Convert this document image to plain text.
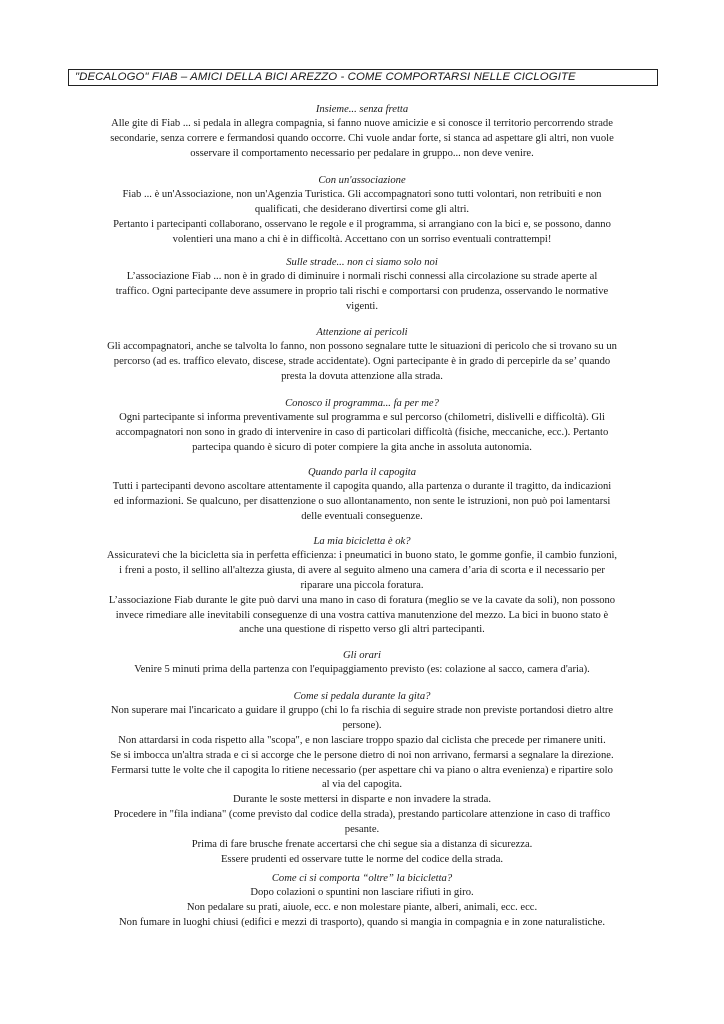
"DECALOGO" FIAB – AMICI DELLA BICI AREZZO - COME COMPORTARSI NELLE CICLOGITE
Insieme... senza fretta
Alle gite di Fiab ... si pedala in allegra compagnia, si fanno nuove amicizie e si conosce il territorio percorrendo strade
secondarie, senza correre e fermandosi quando occorre. Chi vuole andar forte, si stanca ad aspettare gli altri, non vuole
osservare il comportamento necessario per pedalare in gruppo... non deve venire.
Con un'associazione
Fiab ... è un'Associazione, non un'Agenzia Turistica. Gli accompagnatori sono tutti volontari, non retribuiti e non
qualificati, che desiderano divertirsi come gli altri.
Pertanto i partecipanti collaborano, osservano le regole e il programma, si arrangiano con la bici e, se possono, danno
volentieri una mano a chi è in difficoltà. Accettano con un sorriso eventuali contrattempi!
Sulle strade... non ci siamo solo noi
L’associazione Fiab ... non è in grado di diminuire i normali rischi connessi alla circolazione su strade aperte al
traffico. Ogni partecipante deve assumere in proprio tali rischi e comportarsi con prudenza, osservando le normative
vigenti.
Attenzione ai pericoli
Gli accompagnatori, anche se talvolta lo fanno, non possono segnalare tutte le situazioni di pericolo che si trovano su un
percorso (ad es. traffico elevato, discese, strade accidentate). Ogni partecipante è in grado di percepirle da se’ quando
presta la dovuta attenzione alla strada.
Conosco il programma... fa per me?
Ogni partecipante si informa preventivamente sul programma e sul percorso (chilometri, dislivelli e difficoltà). Gli
accompagnatori non sono in grado di intervenire in caso di particolari difficoltà (fisiche, meccaniche, ecc.). Pertanto
partecipa quando è sicuro di poter compiere la gita anche in assoluta autonomia.
Quando parla il capogita
Tutti i partecipanti devono ascoltare attentamente il capogita quando, alla partenza o durante il tragitto, da indicazioni
ed informazioni. Se qualcuno, per disattenzione o suo allontanamento, non sente le istruzioni, non può poi lamentarsi
delle eventuali conseguenze.
La mia bicicletta è ok?
Assicuratevi che la bicicletta sia in perfetta efficienza: i pneumatici in buono stato, le gomme gonfie, il cambio funzioni,
i freni a posto, il sellino all'altezza giusta, di avere al seguito almeno una camera d’aria di scorta e il necessario per
riparare una piccola foratura.
L’associazione Fiab durante le gite può darvi una mano in caso di foratura (meglio se ve la cavate da soli), non possono
invece rimediare alle inevitabili conseguenze di una vostra cattiva manutenzione del mezzo. La bici in buono stato è
anche una questione di rispetto verso gli altri partecipanti.
Gli orari
Venire 5 minuti prima della partenza con l'equipaggiamento previsto (es: colazione al sacco, camera d'aria).
Come si pedala durante la gita?
Non superare mai l'incaricato a guidare il gruppo (chi lo fa rischia di seguire strade non previste portandosi dietro altre
persone).
Non attardarsi in coda rispetto alla "scopa", e non lasciare troppo spazio dal ciclista che precede per rimanere uniti.
Se si imbocca un'altra strada e ci si accorge che le persone dietro di noi non arrivano, fermarsi a segnalare la direzione.
Fermarsi tutte le volte che il capogita lo ritiene necessario (per aspettare chi va piano o altra evenienza) e ripartire solo
al via del capogita.
Durante le soste mettersi in disparte e non invadere la strada.
Procedere in "fila indiana" (come previsto dal codice della strada), prestando particolare attenzione in caso di traffico
pesante.
Prima di fare brusche frenate accertarsi che chi segue sia a distanza di sicurezza.
Essere prudenti ed osservare tutte le norme del codice della strada.
Come ci si comporta “oltre” la bicicletta?
Dopo colazioni o spuntini non lasciare rifiuti in giro.
Non pedalare su prati, aiuole, ecc. e non molestare piante, alberi, animali, ecc. ecc.
Non fumare in luoghi chiusi (edifici e mezzi di trasporto), quando si mangia in compagnia e in zone naturalistiche.
